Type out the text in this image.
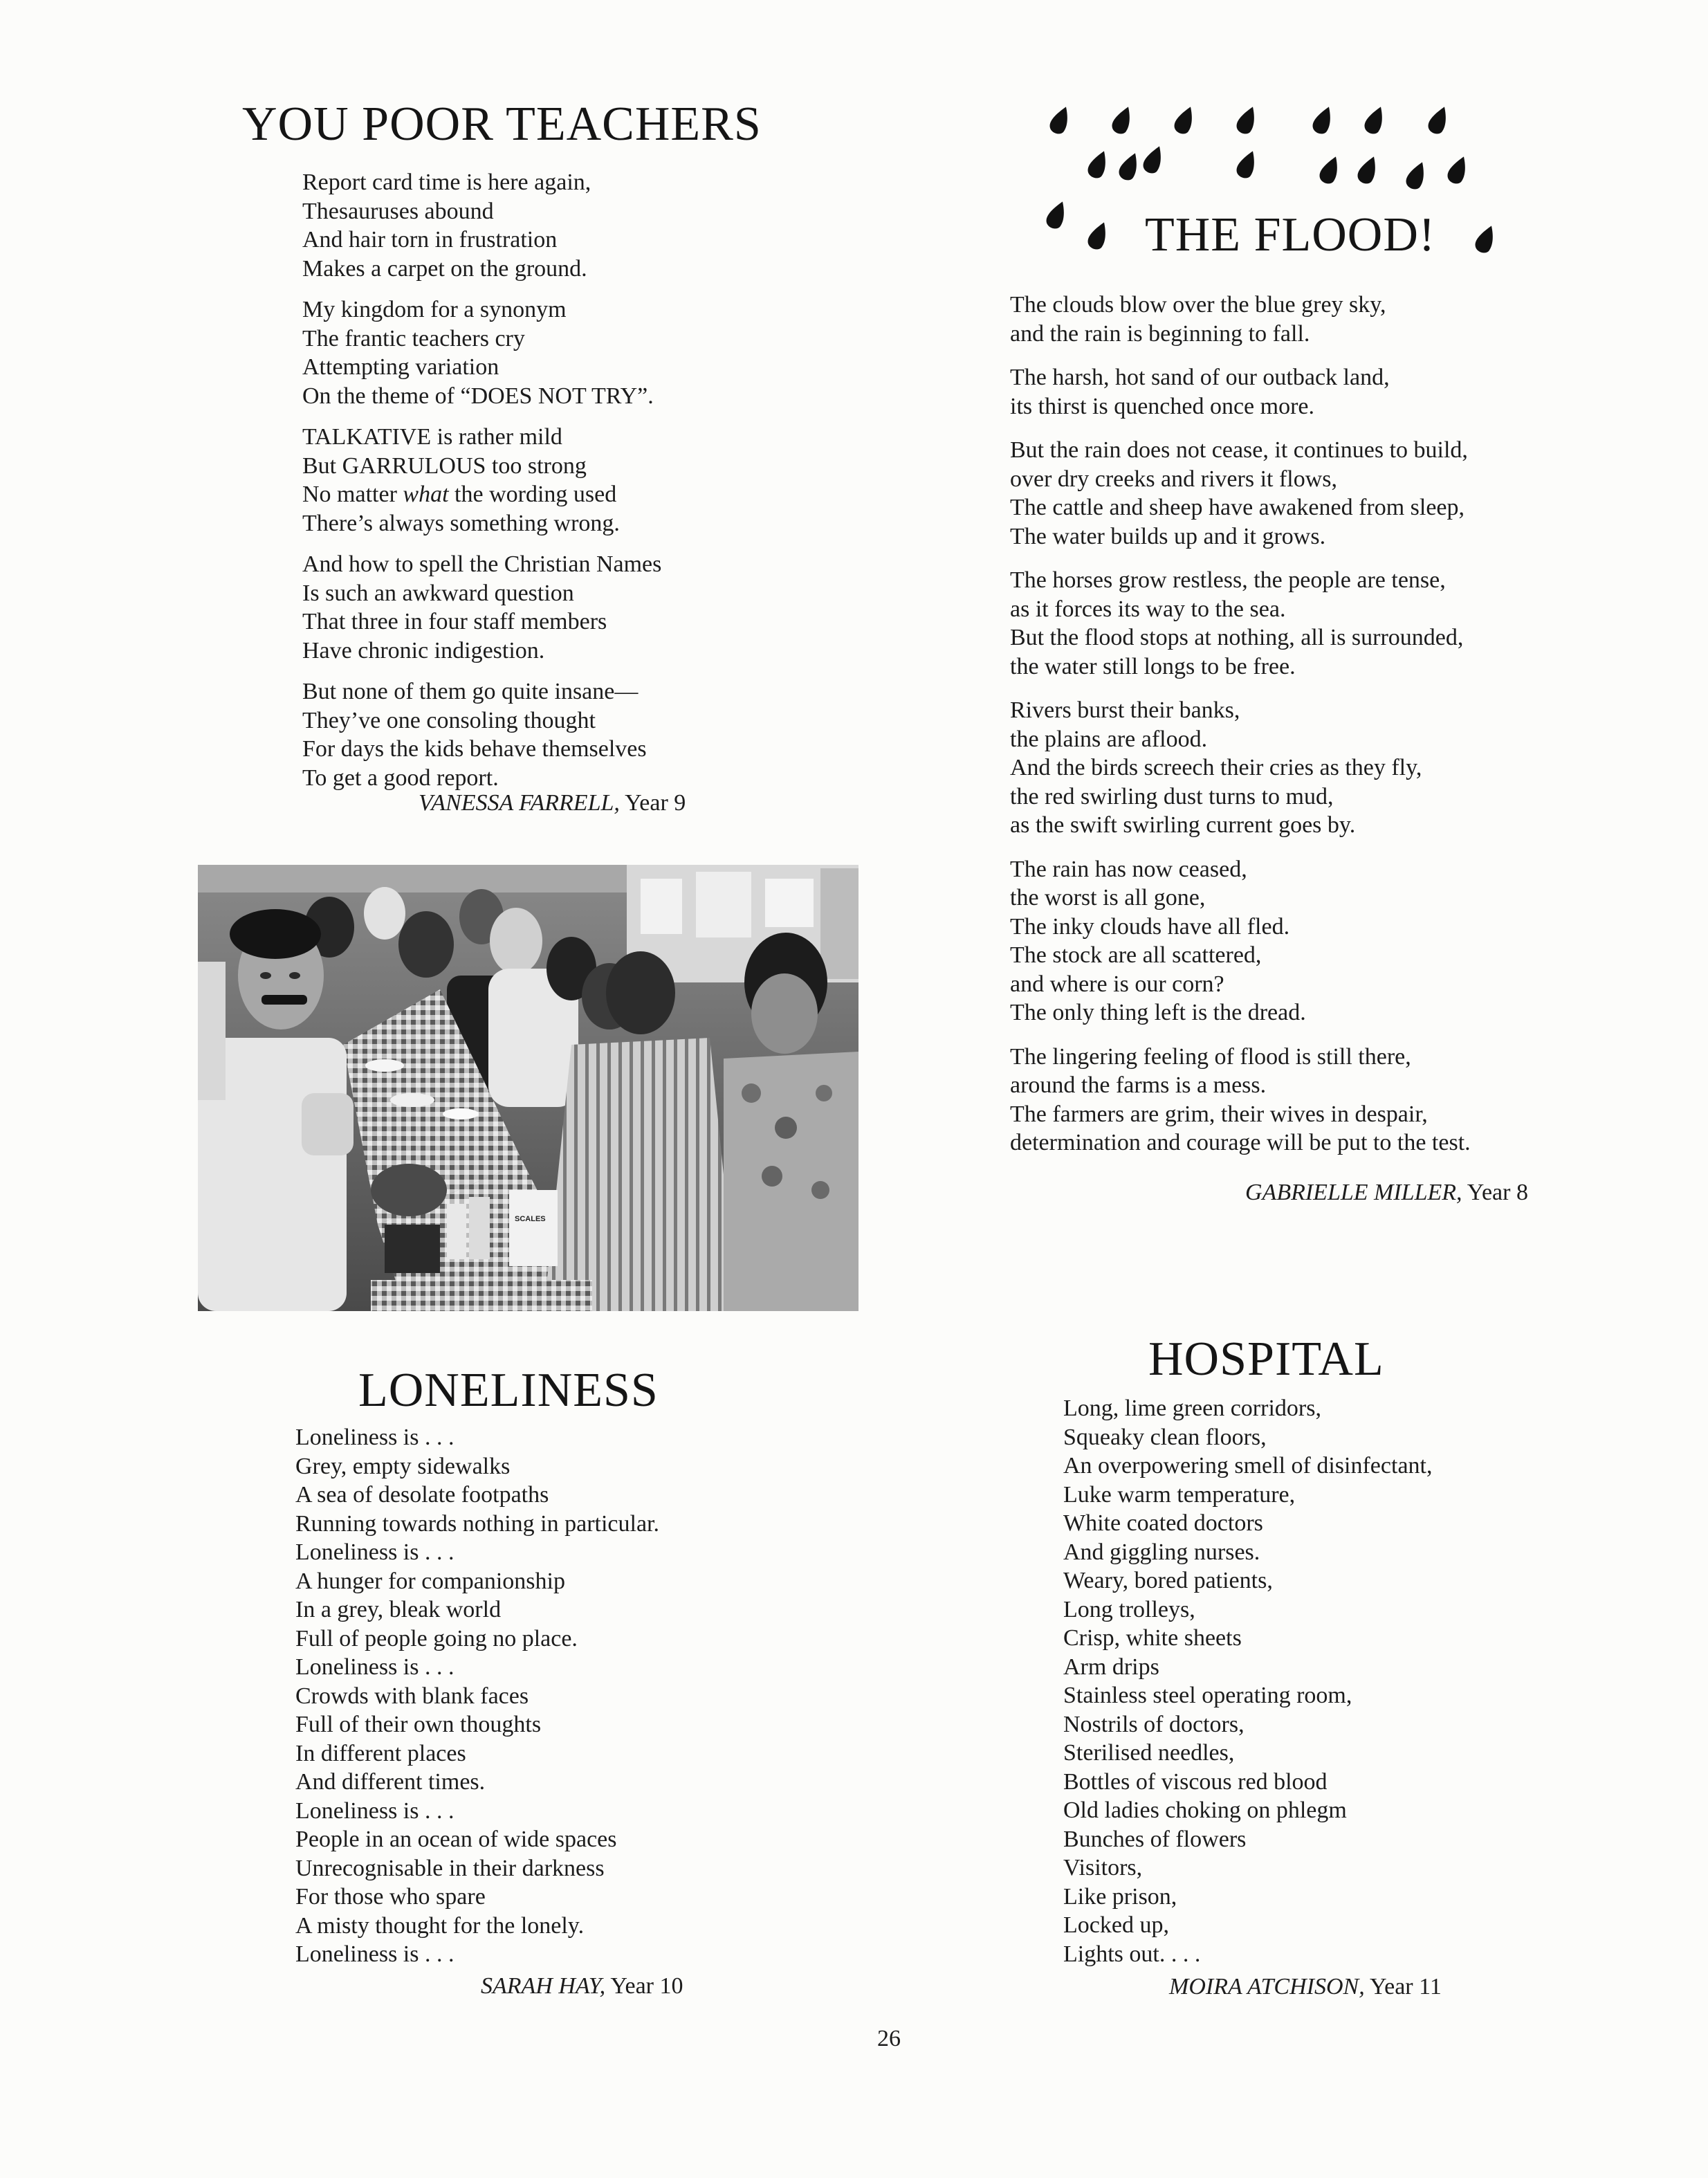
YOU POOR TEACHERS
Report card time is here again,
Thesauruses abound
And hair torn in frustration
Makes a carpet on the ground.
My kingdom for a synonym
The frantic teachers cry
Attempting variation
On the theme of “DOES NOT TRY”.
TALKATIVE is rather mild
But GARRULOUS too strong
No matter what the wording used
There’s always something wrong.
And how to spell the Christian Names
Is such an awkward question
That three in four staff members
Have chronic indigestion.
But none of them go quite insane—
They’ve one consoling thought
For days the kids behave themselves
To get a good report.
VANESSA FARRELL, Year 9
SCALES
THE FLOOD!
The clouds blow over the blue grey sky,
and the rain is beginning to fall.
The harsh, hot sand of our outback land,
its thirst is quenched once more.
But the rain does not cease, it continues to build,
over dry creeks and rivers it flows,
The cattle and sheep have awakened from sleep,
The water builds up and it grows.
The horses grow restless, the people are tense,
as it forces its way to the sea.
But the flood stops at nothing, all is surrounded,
the water still longs to be free.
Rivers burst their banks,
the plains are aflood.
And the birds screech their cries as they fly,
the red swirling dust turns to mud,
as the swift swirling current goes by.
The rain has now ceased,
the worst is all gone,
The inky clouds have all fled.
The stock are all scattered,
and where is our corn?
The only thing left is the dread.
The lingering feeling of flood is still there,
around the farms is a mess.
The farmers are grim, their wives in despair,
determination and courage will be put to the test.
GABRIELLE MILLER, Year 8
LONELINESS
Loneliness is . . .
Grey, empty sidewalks
A sea of desolate footpaths
Running towards nothing in particular.
Loneliness is . . .
A hunger for companionship
In a grey, bleak world
Full of people going no place.
Loneliness is . . .
Crowds with blank faces
Full of their own thoughts
In different places
And different times.
Loneliness is . . .
People in an ocean of wide spaces
Unrecognisable in their darkness
For those who spare
A misty thought for the lonely.
Loneliness is . . .
SARAH HAY, Year 10
HOSPITAL
Long, lime green corridors,
Squeaky clean floors,
An overpowering smell of disinfectant,
Luke warm temperature,
White coated doctors
And giggling nurses.
Weary, bored patients,
Long trolleys,
Crisp, white sheets
Arm drips
Stainless steel operating room,
Nostrils of doctors,
Sterilised needles,
Bottles of viscous red blood
Old ladies choking on phlegm
Bunches of flowers
Visitors,
Like prison,
Locked up,
Lights out. . . .
MOIRA ATCHISON, Year 11
26
